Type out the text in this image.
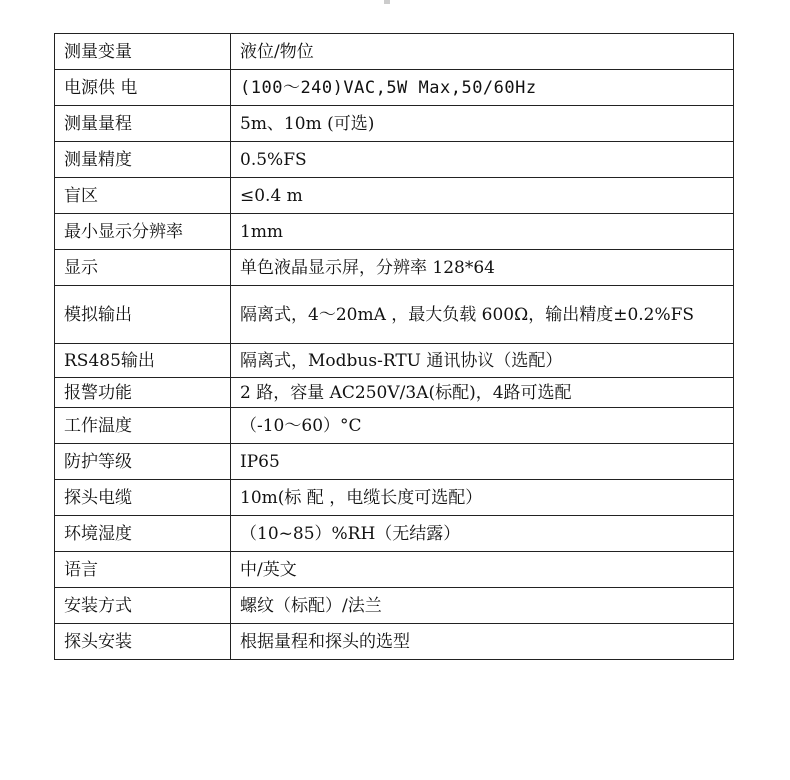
测量变量	液位/物位
电源供 电	(100～240)VAC,5W Max,50/60Hz
测量量程	5m、10m (可选)
测量精度	0.5%FS
盲区	≤0.4 m
最小显示分辨率	1mm
显示	单色液晶显示屏，分辨率 128*64
模拟输出	隔离式，4～20mA ，最大负载 600Ω，输出精度±0.2%FS
RS485输出	隔离式，Modbus-RTU 通讯协议（选配）
报警功能	2 路，容量 AC250V/3A(标配)，4路可选配
工作温度	（-10～60）°C
防护等级	IP65
探头电缆	10m(标 配 ，电缆长度可选配）
环境湿度	（10~85）%RH（无结露）
语言	中/英文
安装方式	螺纹（标配）/法兰
探头安装	根据量程和探头的选型
